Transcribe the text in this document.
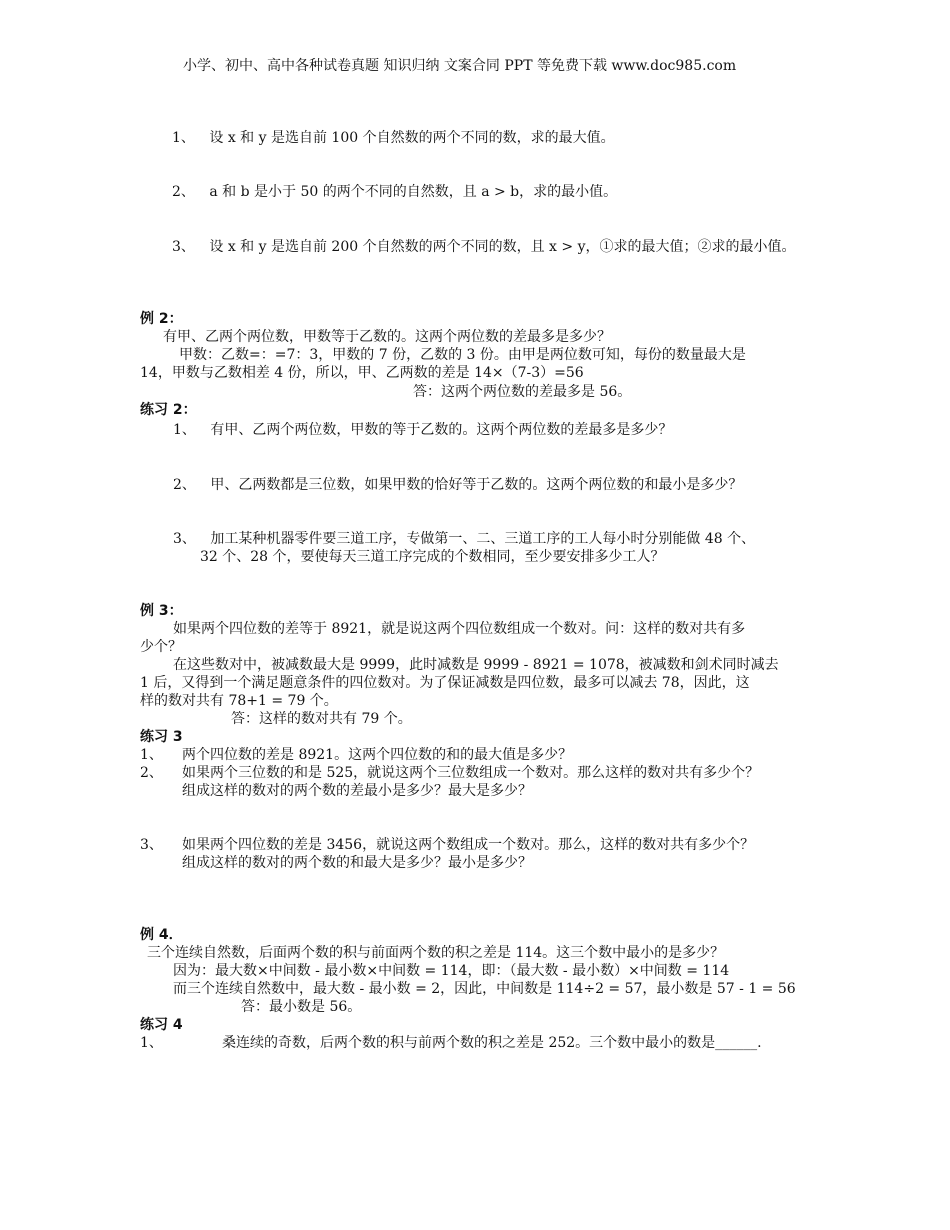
小学、初中、高中各种试卷真题 知识归纳 文案合同 PPT 等免费下载 www.doc985.com
1、 设 x 和 y 是选自前 100 个自然数的两个不同的数，求的最大值。
2、 a 和 b 是小于 50 的两个不同的自然数，且 a > b，求的最小值。
3、 设 x 和 y 是选自前 200 个自然数的两个不同的数，且 x > y，①求的最大值；②求的最小值。
例 2：
有甲、乙两个两位数，甲数等于乙数的。这两个两位数的差最多是多少？
甲数：乙数=：=7：3，甲数的 7 份，乙数的 3 份。由甲是两位数可知，每份的数量最大是
14，甲数与乙数相差 4 份，所以，甲、乙两数的差是 14×（7-3）=56
答：这两个两位数的差最多是 56。
练习 2：
1、 有甲、乙两个两位数，甲数的等于乙数的。这两个两位数的差最多是多少？
2、 甲、乙两数都是三位数，如果甲数的恰好等于乙数的。这两个两位数的和最小是多少？
3、 加工某种机器零件要三道工序，专做第一、二、三道工序的工人每小时分别能做 48 个、
32 个、28 个，要使每天三道工序完成的个数相同，至少要安排多少工人？
例 3：
如果两个四位数的差等于 8921，就是说这两个四位数组成一个数对。问：这样的数对共有多
少个？
在这些数对中，被减数最大是 9999，此时减数是 9999 - 8921 = 1078，被减数和剑术同时减去
1 后，又得到一个满足题意条件的四位数对。为了保证减数是四位数，最多可以减去 78，因此，这
样的数对共有 78+1 = 79 个。
答：这样的数对共有 79 个。
练习 3
1、 两个四位数的差是 8921。这两个四位数的和的最大值是多少？
2、 如果两个三位数的和是 525，就说这两个三位数组成一个数对。那么这样的数对共有多少个？
组成这样的数对的两个数的差最小是多少？最大是多少？
3、 如果两个四位数的差是 3456，就说这两个数组成一个数对。那么，这样的数对共有多少个？
组成这样的数对的两个数的和最大是多少？最小是多少？
例 4．
三个连续自然数，后面两个数的积与前面两个数的积之差是 114。这三个数中最小的是多少？
因为：最大数×中间数 - 最小数×中间数 = 114，即：（最大数 - 最小数）×中间数 = 114
而三个连续自然数中，最大数 - 最小数 = 2，因此，中间数是 114÷2 = 57，最小数是 57 - 1 = 56
答：最小数是 56。
练习 4
1、	桑连续的奇数，后两个数的积与前两个数的积之差是 252。三个数中最小的数是______.
